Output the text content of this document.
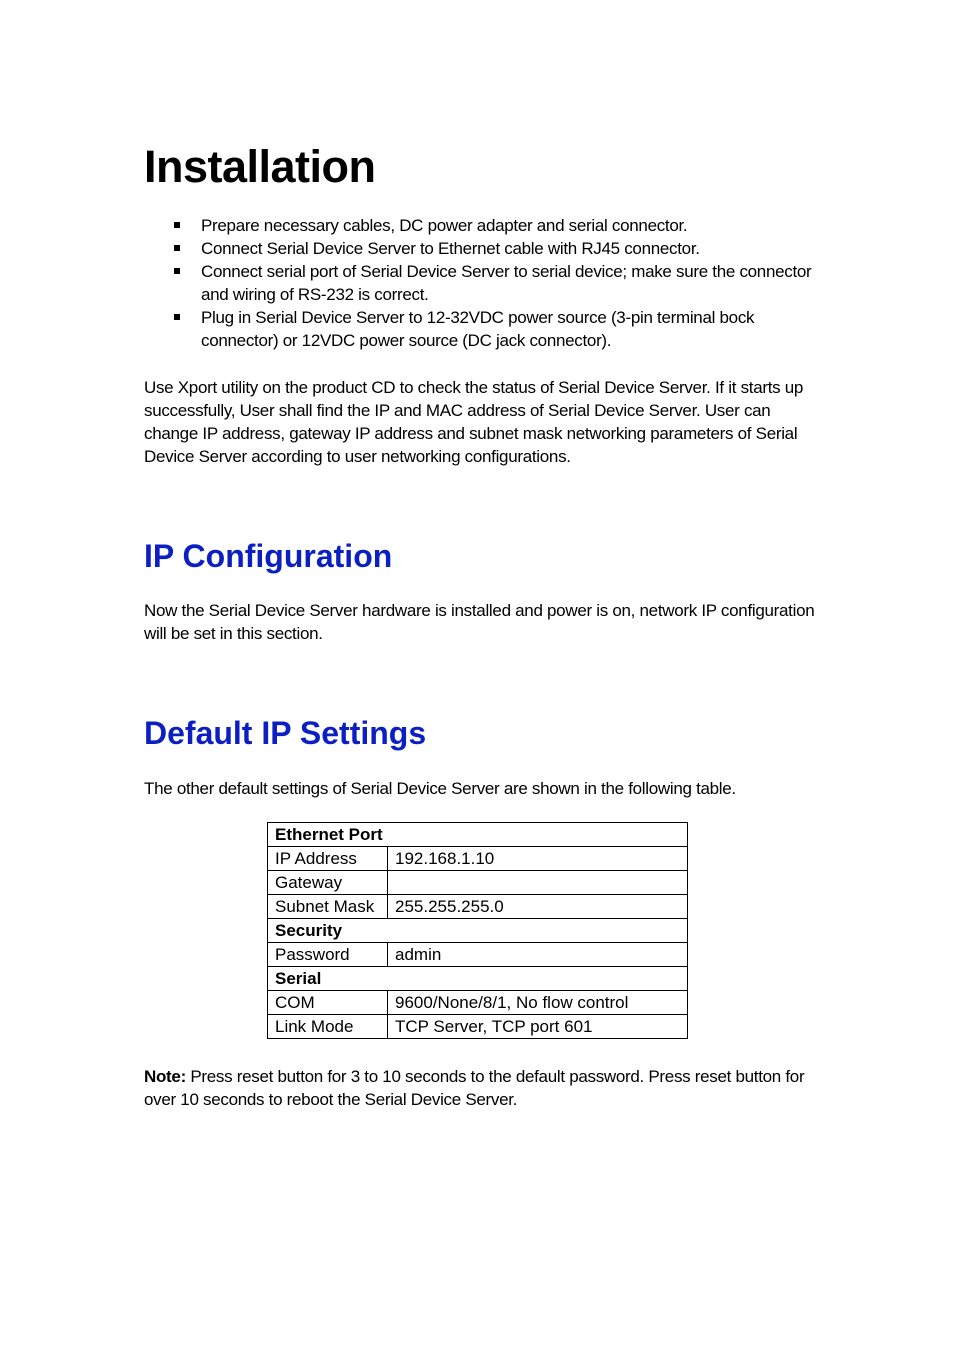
Installation
Prepare necessary cables, DC power adapter and serial connector.
Connect Serial Device Server to Ethernet cable with RJ45 connector.
Connect serial port of Serial Device Server to serial device; make sure the connector and wiring of RS-232 is correct.
Plug in Serial Device Server to 12-32VDC power source (3-pin terminal bock connector) or 12VDC power source (DC jack connector).

Use Xport utility on the product CD to check the status of Serial Device Server. If it starts up successfully, User shall find the IP and MAC address of Serial Device Server. User can change IP address, gateway IP address and subnet mask networking parameters of Serial Device Server according to user networking configurations.

IP Configuration

Now the Serial Device Server hardware is installed and power is on, network IP configuration will be set in this section.

Default IP Settings

The other default settings of Serial Device Server are shown in the following table.

Ethernet Port	
IP Address	192.168.1.10
Gateway	
Subnet Mask	255.255.255.0
Security	
Password	admin
Serial	
COM	9600/None/8/1, No flow control
Link Mode	TCP Server, TCP port 601

Note: Press reset button for 3 to 10 seconds to the default password. Press reset button for over 10 seconds to reboot the Serial Device Server.
